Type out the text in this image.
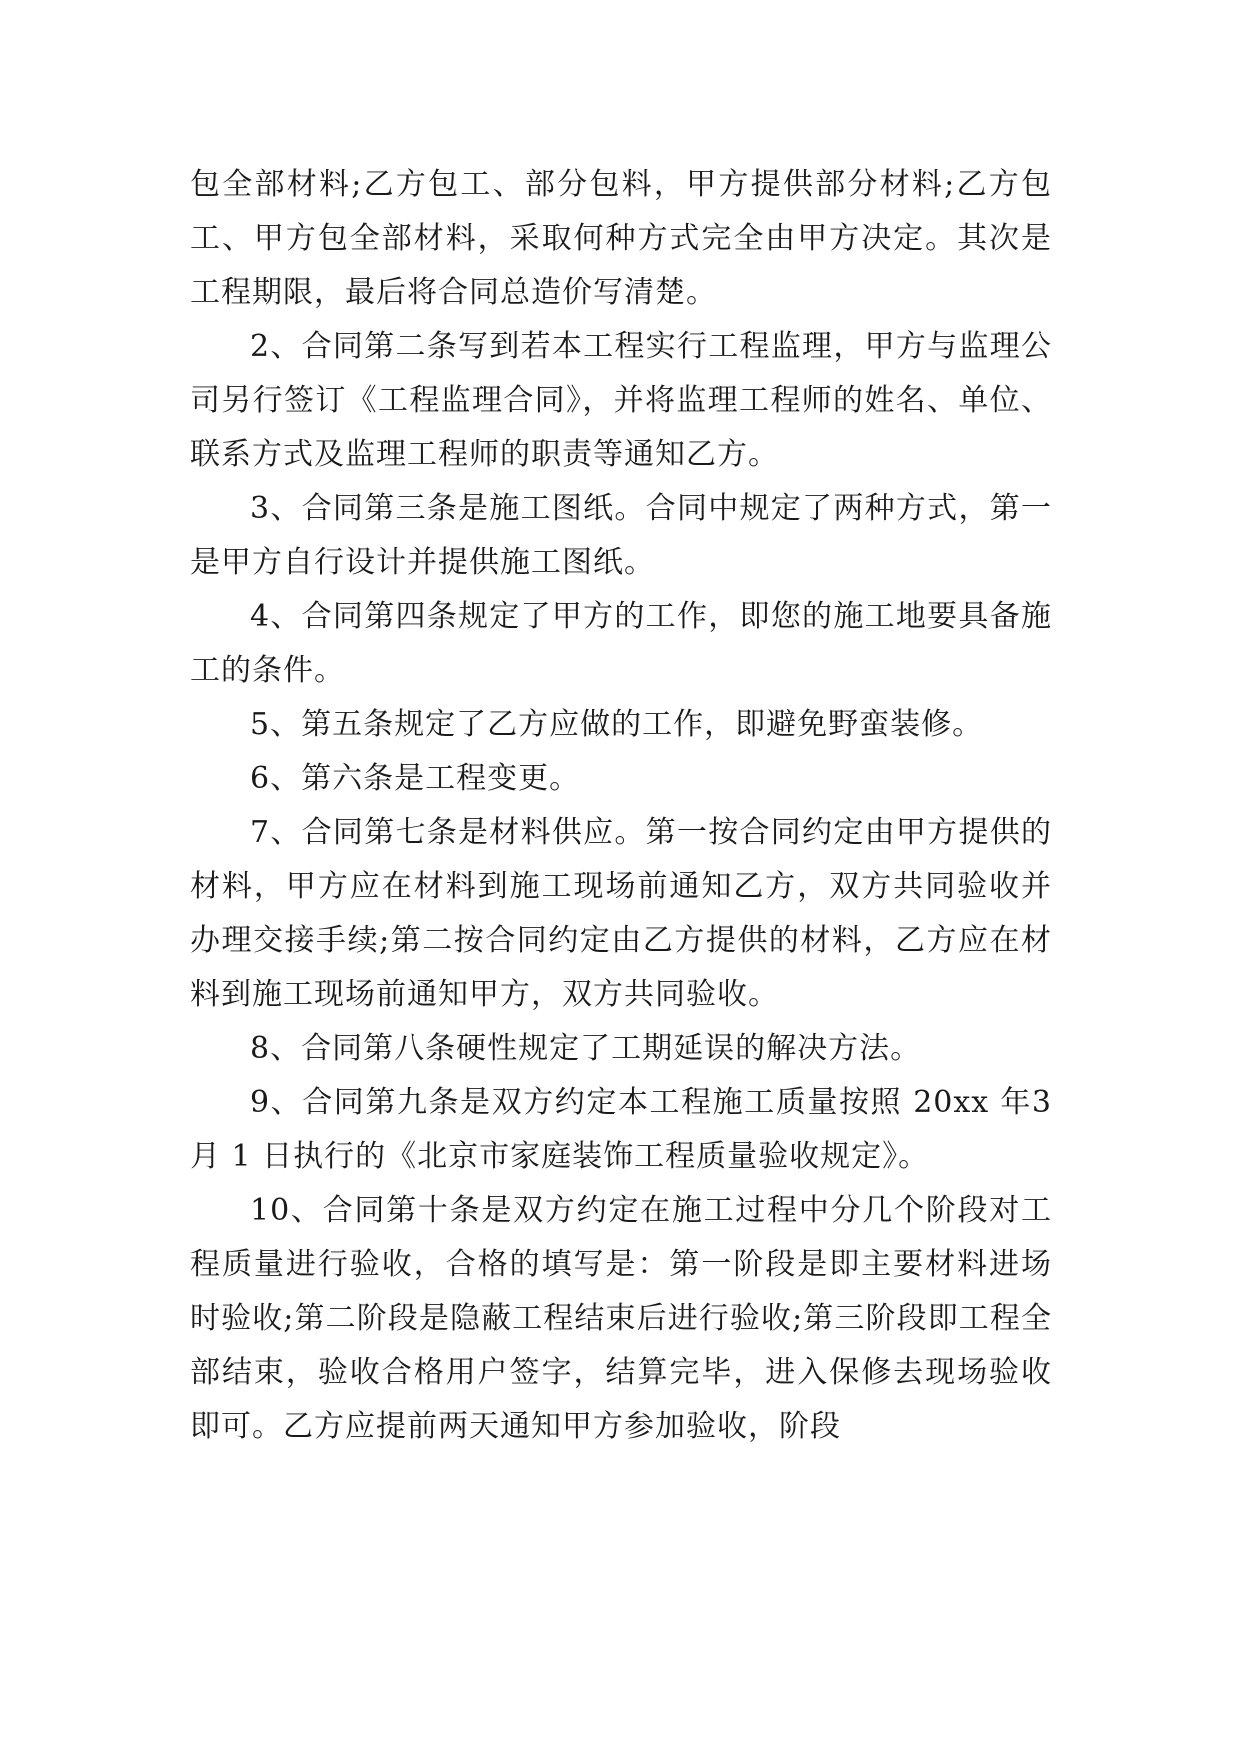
包全部材料;乙方包工、部分包料，甲方提供部分材料;乙方包工、甲方包全部材料，采取何种方式完全由甲方决定。其次是工程期限，最后将合同总造价写清楚。

2、合同第二条写到若本工程实行工程监理，甲方与监理公司另行签订《工程监理合同》，并将监理工程师的姓名、单位、联系方式及监理工程师的职责等通知乙方。

3、合同第三条是施工图纸。合同中规定了两种方式，第一是甲方自行设计并提供施工图纸。

4、合同第四条规定了甲方的工作，即您的施工地要具备施工的条件。

5、第五条规定了乙方应做的工作，即避免野蛮装修。

6、第六条是工程变更。

7、合同第七条是材料供应。第一按合同约定由甲方提供的材料，甲方应在材料到施工现场前通知乙方，双方共同验收并办理交接手续;第二按合同约定由乙方提供的材料，乙方应在材料到施工现场前通知甲方，双方共同验收。

8、合同第八条硬性规定了工期延误的解决方法。

9、合同第九条是双方约定本工程施工质量按照 20xx 年3 月 1 日执行的《北京市家庭装饰工程质量验收规定》。

10、合同第十条是双方约定在施工过程中分几个阶段对工程质量进行验收，合格的填写是：第一阶段是即主要材料进场时验收;第二阶段是隐蔽工程结束后进行验收;第三阶段即工程全部结束，验收合格用户签字，结算完毕，进入保修去现场验收即可。乙方应提前两天通知甲方参加验收，阶段
